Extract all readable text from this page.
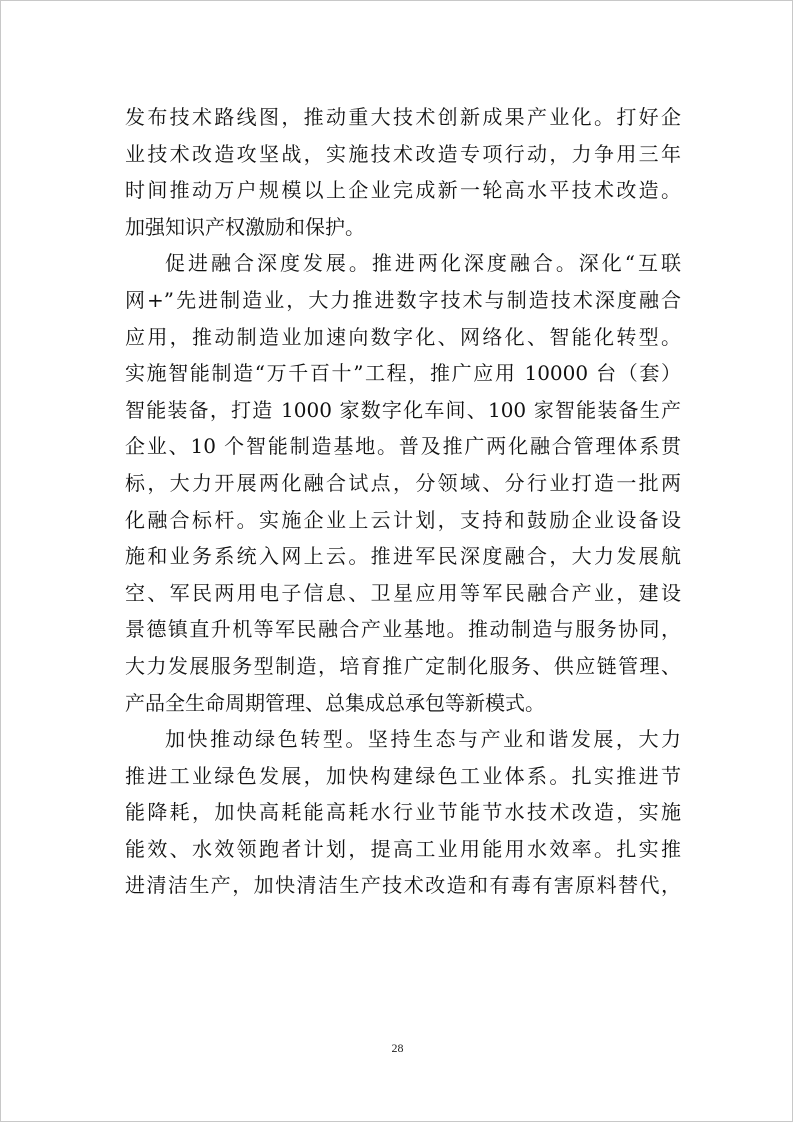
发布技术路线图，推动重大技术创新成果产业化。打好企
业技术改造攻坚战，实施技术改造专项行动，力争用三年
时间推动万户规模以上企业完成新一轮高水平技术改造。
加强知识产权激励和保护。
促进融合深度发展。推进两化深度融合。深化“互联
网+”先进制造业，大力推进数字技术与制造技术深度融合
应用，推动制造业加速向数字化、网络化、智能化转型。
实施智能制造“万千百十”工程，推广应用 10000 台（套）
智能装备，打造 1000 家数字化车间、100 家智能装备生产
企业、10 个智能制造基地。普及推广两化融合管理体系贯
标，大力开展两化融合试点，分领域、分行业打造一批两
化融合标杆。实施企业上云计划，支持和鼓励企业设备设
施和业务系统入网上云。推进军民深度融合，大力发展航
空、军民两用电子信息、卫星应用等军民融合产业，建设
景德镇直升机等军民融合产业基地。推动制造与服务协同，
大力发展服务型制造，培育推广定制化服务、供应链管理、
产品全生命周期管理、总集成总承包等新模式。
加快推动绿色转型。坚持生态与产业和谐发展，大力
推进工业绿色发展，加快构建绿色工业体系。扎实推进节
能降耗，加快高耗能高耗水行业节能节水技术改造，实施
能效、水效领跑者计划，提高工业用能用水效率。扎实推
进清洁生产，加快清洁生产技术改造和有毒有害原料替代，
28
